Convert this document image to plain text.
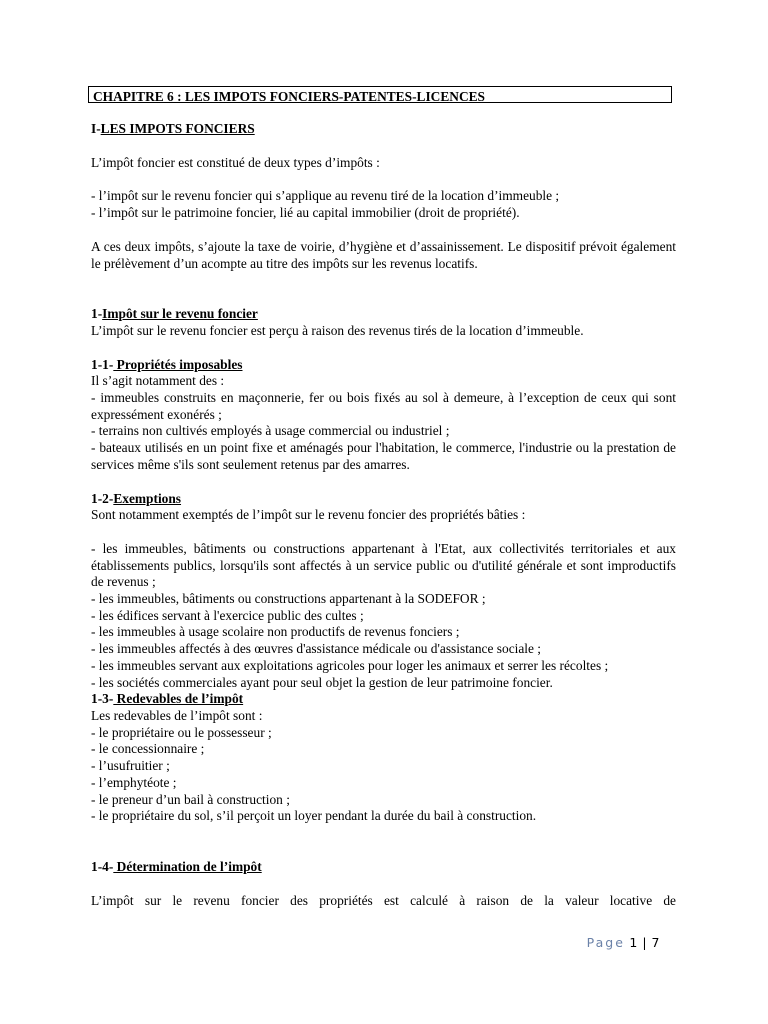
CHAPITRE 6 : LES IMPOTS FONCIERS-PATENTES-LICENCES

I-LES IMPOTS FONCIERS

L’impôt foncier est constitué de deux types d’impôts :

- l’impôt sur le revenu foncier qui s’applique au revenu tiré de la location d’immeuble ;
- l’impôt sur le patrimoine foncier, lié au capital immobilier (droit de propriété).

A ces deux impôts, s’ajoute la taxe de voirie, d’hygiène et d’assainissement. Le dispositif prévoit également le prélèvement d’un acompte au titre des impôts sur les revenus locatifs.

1-Impôt sur le revenu foncier

L’impôt sur le revenu foncier est perçu à raison des revenus tirés de la location d’immeuble.

1-1- Propriétés imposables

Il s’agit notamment des :

- immeubles construits en maçonnerie, fer ou bois fixés au sol à demeure, à l’exception de ceux qui sont expressément exonérés ;
- terrains non cultivés employés à usage commercial ou industriel ;
- bateaux utilisés en un point fixe et aménagés pour l'habitation, le commerce, l'industrie ou la prestation de services même s'ils sont seulement retenus par des amarres.

1-2-Exemptions

Sont notamment exemptés de l’impôt sur le revenu foncier des propriétés bâties :

- les immeubles, bâtiments ou constructions appartenant à l'Etat, aux collectivités territoriales et aux établissements publics, lorsqu'ils sont affectés à un service public ou d'utilité générale et sont improductifs de revenus ;
- les immeubles, bâtiments ou constructions appartenant à la SODEFOR ;
- les édifices servant à l'exercice public des cultes ;
- les immeubles à usage scolaire non productifs de revenus fonciers ;
- les immeubles affectés à des œuvres d'assistance médicale ou d'assistance sociale ;
- les immeubles servant aux exploitations agricoles pour loger les animaux et serrer les récoltes ;
- les sociétés commerciales ayant pour seul objet la gestion de leur patrimoine foncier.

1-3- Redevables de l’impôt

Les redevables de l’impôt sont :

- le propriétaire ou le possesseur ;
- le concessionnaire ;
- l’usufruitier ;
- l’emphytéote ;
- le preneur d’un bail à construction ;
- le propriétaire du sol, s’il perçoit un loyer pendant la durée du bail à construction.

1-4- Détermination de l’impôt

L’impôt sur le revenu foncier des propriétés est calculé à raison de la valeur locative de

Page 1 | 7
